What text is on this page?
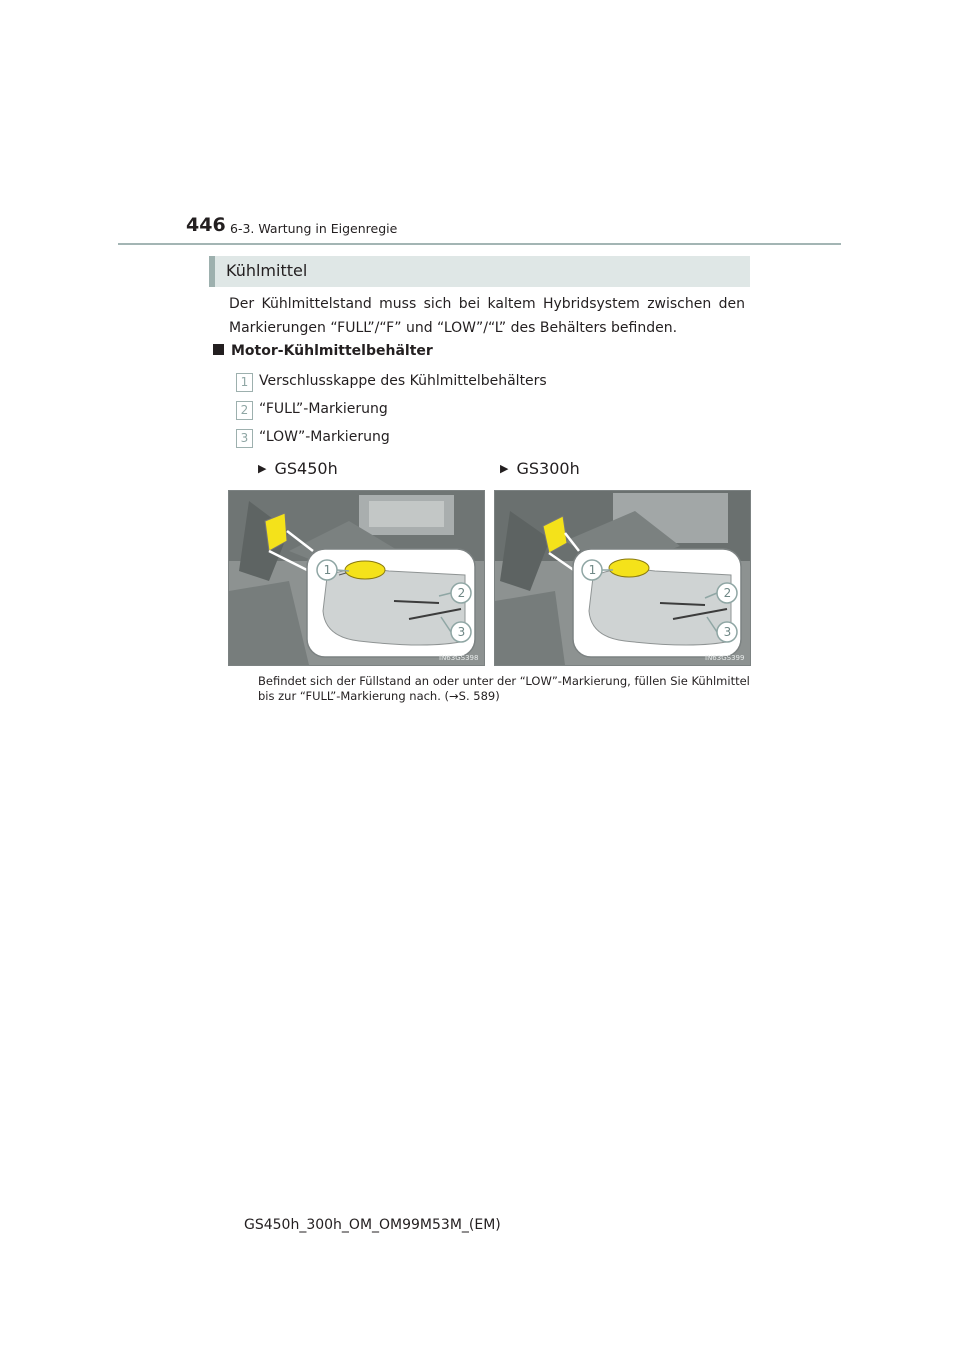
446 6-3. Wartung in Eigenregie
Kühlmittel
Der Kühlmittelstand muss sich bei kaltem Hybridsystem zwischen den Markierungen “FULL”/“F” und “LOW”/“L” des Behälters befinden.
Motor-Kühlmittelbehälter
1 Verschlusskappe des Kühlmittelbehälters
2 “FULL”-Markierung
3 “LOW”-Markierung
▶ GS450h	▶ GS300h
1
2
3
IN63GS398
1
2
3
IN63GS399
Befindet sich der Füllstand an oder unter der “LOW”-Markierung, füllen Sie Kühlmittel bis zur “FULL”-Markierung nach. (→S. 589)
GS450h_300h_OM_OM99M53M_(EM)
